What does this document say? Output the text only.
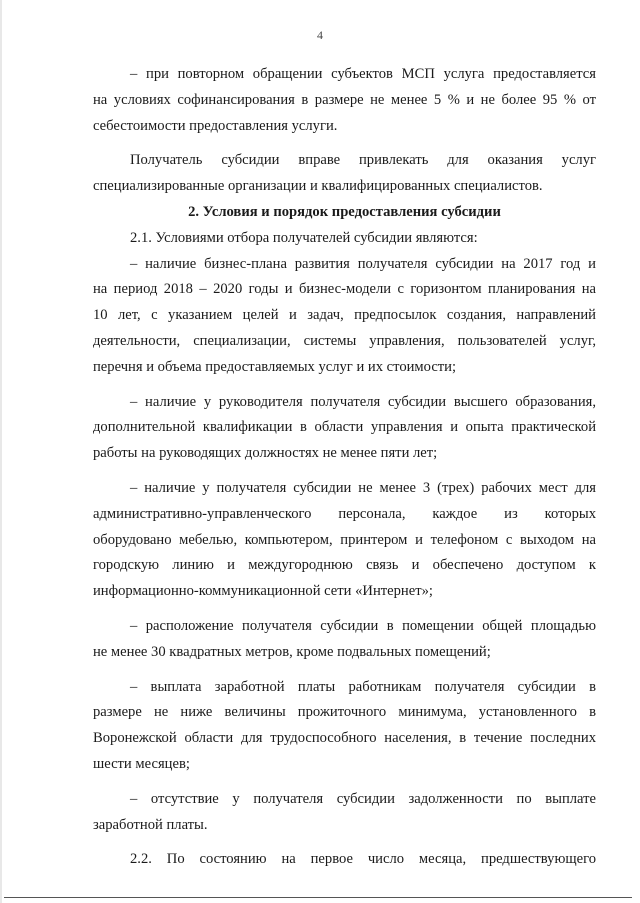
4

– при повторном обращении субъектов МСП услуга предоставляется
на условиях софинансирования в размере не менее 5 % и не более 95 % от
себестоимости предоставления услуги.

Получатель субсидии вправе привлекать для оказания услуг
специализированные организации и квалифицированных специалистов.

2. Условия и порядок предоставления субсидии

2.1. Условиями отбора получателей субсидии являются:

– наличие бизнес-плана развития получателя субсидии на 2017 год и
на период 2018 – 2020 годы и бизнес-модели с горизонтом планирования на
10 лет, с указанием целей и задач, предпосылок создания, направлений
деятельности, специализации, системы управления, пользователей услуг,
перечня и объема предоставляемых услуг и их стоимости;

– наличие у руководителя получателя субсидии высшего образования,
дополнительной квалификации в области управления и опыта практической
работы на руководящих должностях не менее пяти лет;

– наличие у получателя субсидии не менее 3 (трех) рабочих мест для
административно-управленческого персонала, каждое из которых
оборудовано мебелью, компьютером, принтером и телефоном с выходом на
городскую линию и междугороднюю связь и обеспечено доступом к
информационно-коммуникационной сети «Интернет»;

– расположение получателя субсидии в помещении общей площадью
не менее 30 квадратных метров, кроме подвальных помещений;

– выплата заработной платы работникам получателя субсидии в
размере не ниже величины прожиточного минимума, установленного в
Воронежской области для трудоспособного населения, в течение последних
шести месяцев;

– отсутствие у получателя субсидии задолженности по выплате
заработной платы.

2.2. По состоянию на первое число месяца, предшествующего
